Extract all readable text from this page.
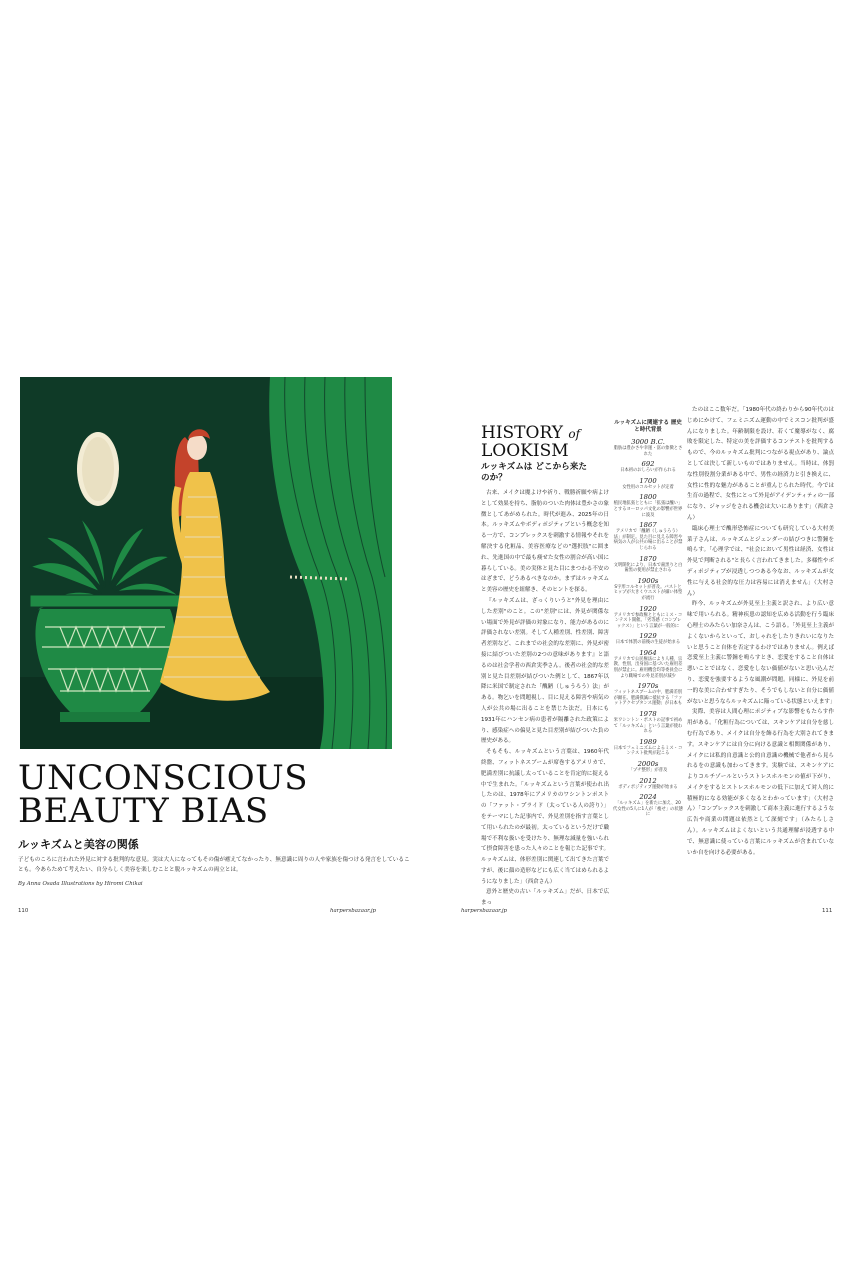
UNCONSCIOUS
BEAUTY BIAS
ルッキズムと美容の関係

子どものころに言われた外見に対する批判的な意見。実は大人になってもその傷が癒えてなかったり、無意識に周りの人や家族を傷つける発言をしていることも。今あらためて考えたい、自分らしく美容を楽しむことと脱ルッキズムの両立とは。

By Anna Osada Illustrations by Hiromi Chikai

110	harpersbazaar.jp	harpersbazaar.jp	111
HISTORY of
LOOKISM

ルッキズムは どこから来たのか？

古来、メイクは魔よけや祈り、戦勝祈願や病よけとして効果を持ち、脂肪のついた肉体は豊かさの象徴としてあがめられた。時代が進み、2025年の日本。ルッキズムやボディポジティブという概念を知る一方で、コンプレックスを刺激する情報やそれを解決する化粧品、美容医療などの"選択肢"に囲まれ、先進国の中で最も痩せた女性の割合が高い国に暮らしている。美の実体と見た目にまつわる不安のはざまで、どうあるべきなのか。まずはルッキズムと美容の歴史を紐解き、そのヒントを探る。

『ルッキズムは、ざっくりいうと"外見を理由にした差別"のこと。この"差別"には、外見が関係ない場面で外見が評価の対象になり、能力があるのに評価されない差別。そして人種差別、性差別、障害者差別など、これまでの社会的な差別に、外見が密接に結びついた差別の2つの意味があります』と語るのは社会学者の西倉実季さん。後者の社会的な差別と見た目差別が結びついた例として、1867年以降に米国で制定された「醜陋（しゅうろう）法」がある。物乞いを問題視し、目に見える障害や病気の人が公共の場に出ることを禁じた法だ。日本にも1931年にハンセン病の患者が隔離された政策により、感染症への偏見と見た目差別が結びついた負の歴史がある。

そもそも、ルッキズムという言葉は、1960年代終盤、フィットネスブームが席巻するアメリカで、肥満差別に抗議し太っていることを肯定的に捉える中で生まれた。「ルッキズムという言葉が使われ出したのは、1978年にアメリカのワシントンポストの「ファット・プライド（太っている人の誇り）」をテーマにした記事内で、外見差別を指す言葉として用いられたのが最初。太っているというだけで職場で不利な扱いを受けたり、無理な減量を強いられて摂食障害を患った人々のことを報じた記事です。ルッキズムは、体形差別に関連して出てきた言葉ですが、後に顔の造形などにも広く当てはめられるようになりました」（西倉さん）

意外と歴史の古い「ルッキズム」だが、日本で広まっ

ルッキズムに関連する 歴史と時代背景
3000 B.C.
脂肪は豊かさや幸運・富の象徴とされた
692
日本初のおしろいが作られる
1700
女性用のコルセットが定着
1800
植民地拡張とともに「拡張は醜い」とするヨーロッパ文化の影響が世界に波及
1867
アメリカで「醜陋（しゅうろう）法」が制定。見た目に見える障害や病気の人が公共の場に出ることが禁じられる
1870
文明開化により、日本で歯黒りと白歯黒の使用が禁止される
1900s
S字形コルセットが普及。バストとヒップが大きくウエストが細い体型が流行
1920
アメリカで参政権とともにミス・コンテスト開催。「劣等感（コンプレックス）」という言葉が一般的に
1929
日本で体罰の前後の生徒が始まる
1964
アメリカで公民権法により人種、宗教、性別、出身国に基づいた雇用差別が禁止に。雇用機会均等委員会により職場での外見差別が減少
1970s
フィットネスブームの中、肥満差別が顕在。肥満撲滅に抵抗する「ファットアクセプタンス運動」が日本も
1978
米ワシントン・ポストの記事で初めて「ルッキズム」という言葉が使われる
1989
日本でフェミニズムによるミス・コンテスト批判が起こる
2000s
「プチ整形」が普及
2012
ボディポジティブ運動が始まる
2024
「ルッキズム」を新たに加え、20代女性の5人に1人が「痩せ」の状態に

たのはここ数年だ。「1980年代の終わりから90年代のはじめにかけて、フェミニズム運動の中でミスコン批判が盛んになりました。年齢制限を設け、若くて魔導がなく、腐敗を限定した、特定の美を評価するコンテストを批判するもので、今のルッキズム批判につながる視点があり、論点としては決して新しいものではありません。当時は、体罰な性別役割分業がある中で、男性の経済力と引き換えに、女性に性的な魅力があることが重んじられた時代。今では生育の過程で、女性にとって外見がアイデンティティの一部になり、ジャッジをされる機会は大いにあります」（西倉さん）

臨床心理士で醜形恐怖症についても研究している大村美菜子さんは、ルッキズムとジェンダーの結びつきに警鐘を鳴らす。「心理学では、"社会において男性は経済、女性は外見で判断される"と長らく言われてきました。多様性やボディポジティブが浸透しつつある今なお、ルッキズムが女性に与える社会的な圧力は容易には消えません」（大村さん）

昨今、ルッキズムが外見至上主義と訳され、より広い意味で用いられる。精神疾患の認知を広める活動を行う臨床心理士のみたらい加奈さんは、こう語る。「外見至上主義がよくないからといって、おしゃれをしたりきれいになりたいと思うこと自体を否定するわけではありません。例えば恋愛至上主義に警鐘を鳴らすとき、恋愛をすること自体は悪いことではなく、恋愛をしない価値がないと思い込んだり、恋愛を強要するような風潮が問題。同様に、外見を前一的な美に合わせすぎたり、そうでもしないと自分に価値がないと思うならルッキズムに陥っている状態といえます」

実際、美容は人間心理にポジティブな影響をもたらす作用がある。「化粧行為については、スキンケアは自分を慈しむ行為であり、メイクは自分を飾る行為を大別されてきます。スキンケアには自分に向ける意識と相関関係があり、メイクには私的自意識と公的自意識の機械で他者から見られるをの意識も加わってきます。実験では、スキンケアによりコルチゾールというストレスホルモンの値が下がり、メイクをするとストレスホルモンの低下に加えて対人的に積極的になる効能が多くなるとわかっています」（大村さん）「コンプレックスを刺激して商本主義に進行するような広告や商業の問題は依然として深刻です」（みたらしさん）。ルッキズムはよくないという共通理解が浸透する中で、無意識に使っている言葉にルッキズムが含まれていないか自を向ける必要がある。
